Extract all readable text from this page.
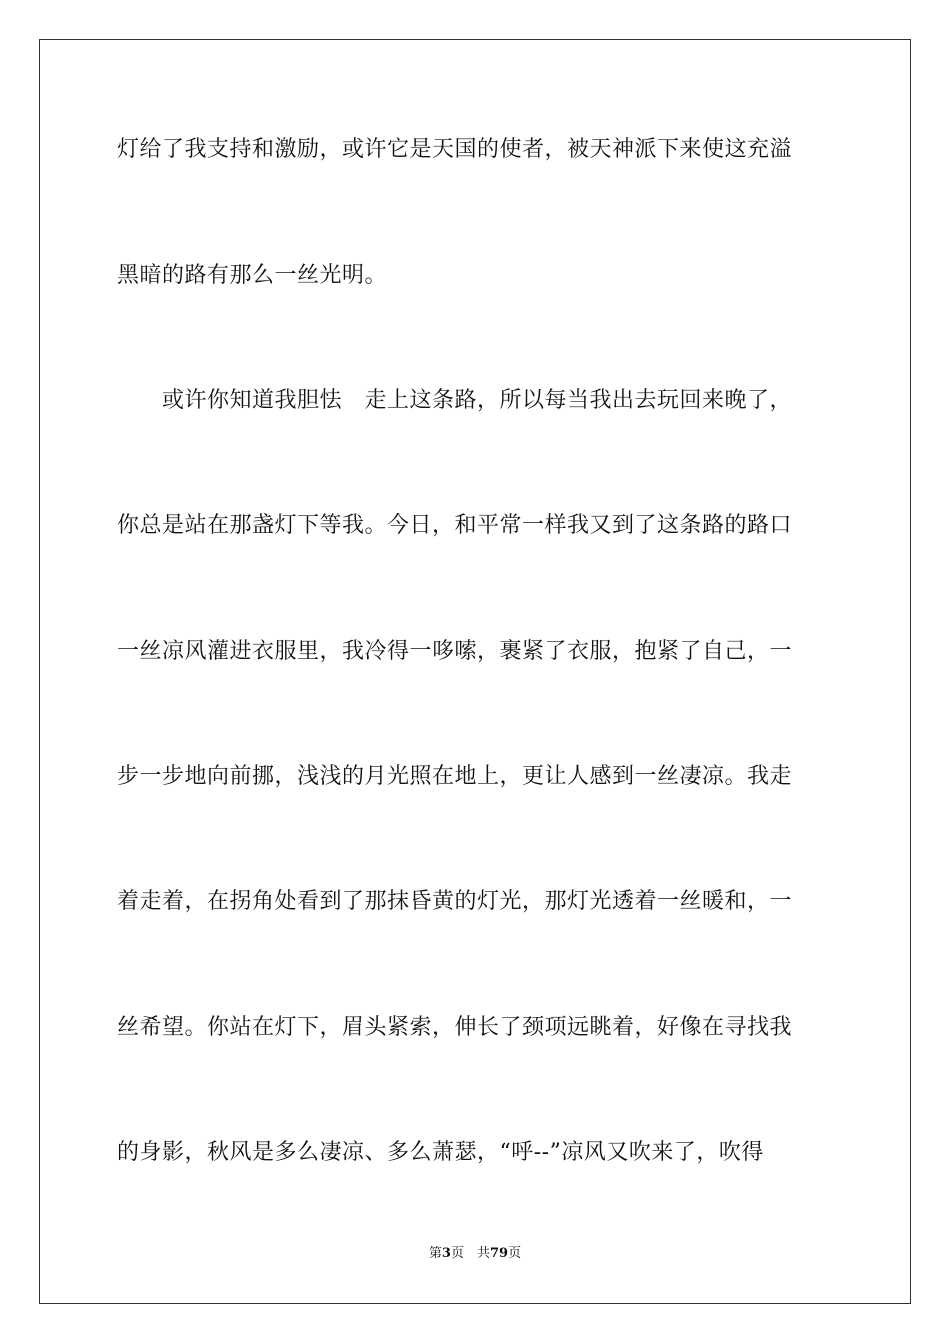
灯给了我支持和激励，或许它是天国的使者，被天神派下来使这充溢
黑暗的路有那么一丝光明。
　　或许你知道我胆怯　走上这条路，所以每当我出去玩回来晚了，
你总是站在那盏灯下等我。今日，和平常一样我又到了这条路的路口
一丝凉风灌进衣服里，我冷得一哆嗦，裹紧了衣服，抱紧了自己，一
步一步地向前挪，浅浅的月光照在地上，更让人感到一丝凄凉。我走
着走着，在拐角处看到了那抹昏黄的灯光，那灯光透着一丝暖和，一
丝希望。你站在灯下，眉头紧索，伸长了颈项远眺着，好像在寻找我
的身影，秋风是多么凄凉、多么萧瑟，“呼--”凉风又吹来了，吹得
第3页　共79页
